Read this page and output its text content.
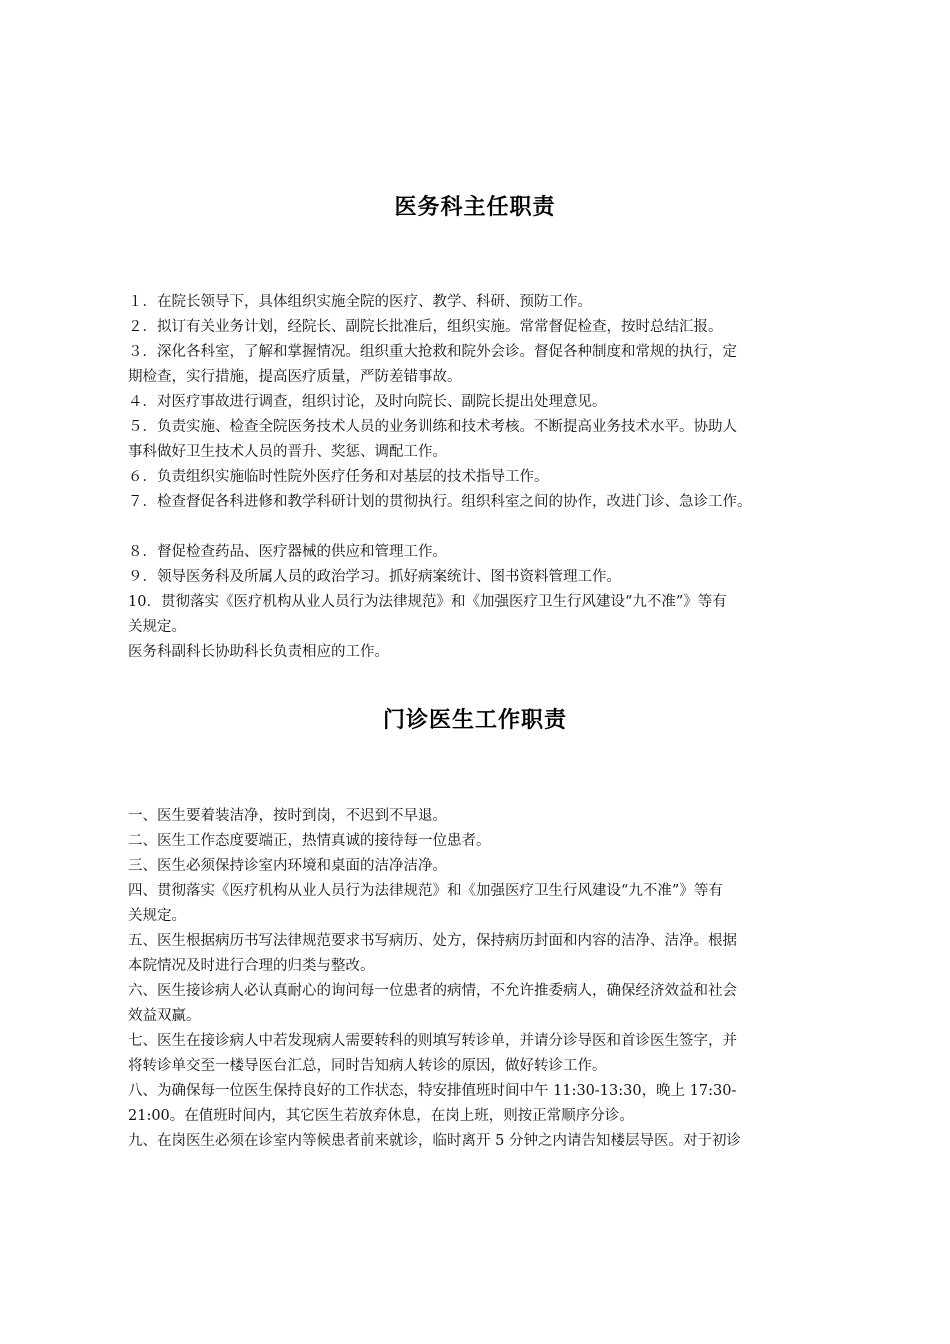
医务科主任职责
１．在院长领导下，具体组织实施全院的医疗、教学、科研、预防工作。
２．拟订有关业务计划，经院长、副院长批准后，组织实施。常常督促检查，按时总结汇报。
３．深化各科室，了解和掌握情况。组织重大抢救和院外会诊。督促各种制度和常规的执行，定
期检查，实行措施，提高医疗质量，严防差错事故。
４．对医疗事故进行调查，组织讨论，及时向院长、副院长提出处理意见。
５．负责实施、检查全院医务技术人员的业务训练和技术考核。不断提高业务技术水平。协助人
事科做好卫生技术人员的晋升、奖惩、调配工作。
６．负责组织实施临时性院外医疗任务和对基层的技术指导工作。
７．检查督促各科进修和教学科研计划的贯彻执行。组织科室之间的协作，改进门诊、急诊工作。
８．督促检查药品、医疗器械的供应和管理工作。
９．领导医务科及所属人员的政治学习。抓好病案统计、图书资料管理工作。
10．贯彻落实《医疗机构从业人员行为法律规范》和《加强医疗卫生行风建设“九不准”》等有
关规定。
医务科副科长协助科长负责相应的工作。
门诊医生工作职责
一、医生要着装洁净，按时到岗，不迟到不早退。
二、医生工作态度要端正，热情真诚的接待每一位患者。
三、医生必须保持诊室内环境和桌面的洁净洁净。
四、贯彻落实《医疗机构从业人员行为法律规范》和《加强医疗卫生行风建设“九不准”》等有
关规定。
五、医生根据病历书写法律规范要求书写病历、处方，保持病历封面和内容的洁净、洁净。根据
本院情况及时进行合理的归类与整改。
六、医生接诊病人必认真耐心的询问每一位患者的病情，不允许推委病人，确保经济效益和社会
效益双赢。
七、医生在接诊病人中若发现病人需要转科的则填写转诊单，并请分诊导医和首诊医生签字，并
将转诊单交至一楼导医台汇总，同时告知病人转诊的原因，做好转诊工作。
八、为确保每一位医生保持良好的工作状态，特安排值班时间中午 11:30-13:30，晚上 17:30-
21:00。在值班时间内，其它医生若放弃休息，在岗上班，则按正常顺序分诊。
九、在岗医生必须在诊室内等候患者前来就诊，临时离开 5 分钟之内请告知楼层导医。对于初诊
